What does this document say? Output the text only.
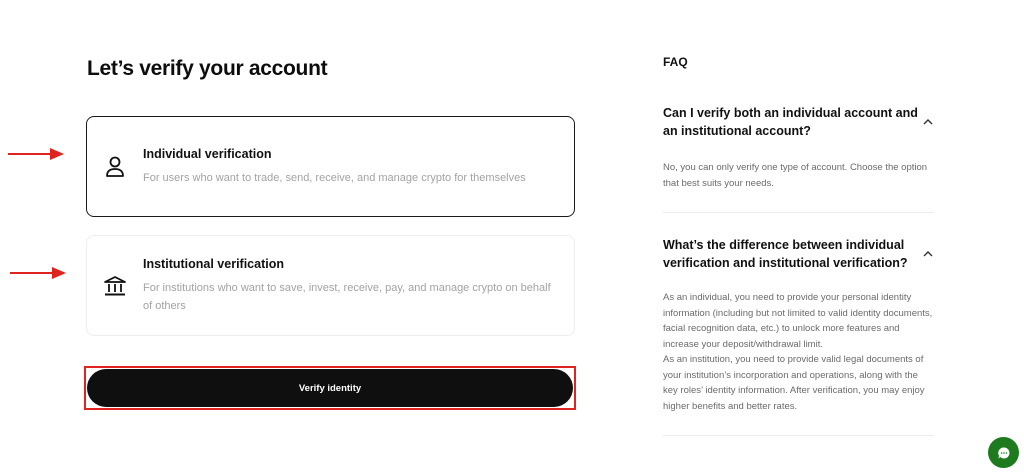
Let’s verify your account
Individual verification
For users who want to trade, send, receive, and manage crypto for themselves
Institutional verification
For institutions who want to save, invest, receive, pay, and manage crypto on behalf of others
Verify identity
FAQ
Can I verify both an individual account and an institutional account?
No, you can only verify one type of account. Choose the option that best suits your needs.
What’s the difference between individual verification and institutional verification?
As an individual, you need to provide your personal identity information (including but not limited to valid identity documents, facial recognition data, etc.) to unlock more features and increase your deposit/withdrawal limit.
As an institution, you need to provide valid legal documents of your institution’s incorporation and operations, along with the key roles’ identity information. After verification, you may enjoy higher benefits and better rates.
